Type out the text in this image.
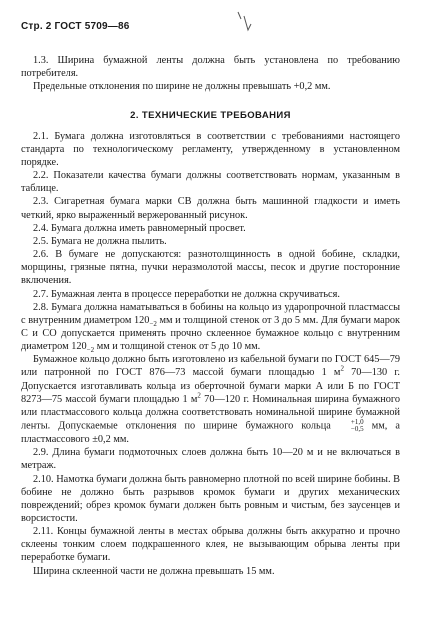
Стр. 2 ГОСТ 5709—86

1.3. Ширина бумажной ленты должна быть установлена по требованию потребителя.

Предельные отклонения по ширине не должны превышать +0,2 мм.

2. ТЕХНИЧЕСКИЕ ТРЕБОВАНИЯ

2.1. Бумага должна изготовляться в соответствии с требованиями настоящего стандарта по технологическому регламенту, утвержденному в установленном порядке.

2.2. Показатели качества бумаги должны соответствовать нормам, указанным в таблице.

2.3. Сигаретная бумага марки СВ должна быть машинной гладкости и иметь четкий, ярко выраженный вержерованный рисунок.

2.4. Бумага должна иметь равномерный просвет.

2.5. Бумага не должна пылить.

2.6. В бумаге не допускаются: разнотолщинность в одной бобине, складки, морщины, грязные пятна, пучки неразмолотой массы, песок и другие посторонние включения.

2.7. Бумажная лента в процессе переработки не должна скручиваться.

2.8. Бумага должна наматываться в бобины на кольцо из ударопрочной пластмассы с внутренним диаметром $120_{-2}$ мм и толщиной стенок от 3 до 5 мм. Для бумаги марок С и СО допускается применять прочно склеенное бумажное кольцо с внутренним диаметром $120_{-2}$ мм и толщиной стенок от 5 до 10 мм.

Бумажное кольцо должно быть изготовлено из кабельной бумаги по ГОСТ 645—79 или патронной по ГОСТ 876—73 массой бумаги площадью 1 $м^2$ 70—130 г. Допускается изготавливать кольца из оберточной бумаги марки А или Б по ГОСТ 8273—75 массой бумаги площадью 1 $м^2$ 70—120 г. Номинальная ширина бумажного или пластмассового кольца должна соответствовать номинальной ширине бумажной ленты. Допускаемые отклонения по ширине бумажного кольца	+1,0
−0,5 мм, а пластмассового ±0,2 мм.

2.9. Длина бумаги подмоточных слоев должна быть 10—20 м и не включаться в метраж.

2.10. Намотка бумаги должна быть равномерно плотной по всей ширине бобины. В бобине не должно быть разрывов кромок бумаги и других механических повреждений; обрез кромок бумаги должен быть ровным и чистым, без заусенцев и ворсистости.

2.11. Концы бумажной ленты в местах обрыва должны быть аккуратно и прочно склеены тонким слоем подкрашенного клея, не вызывающим обрыва ленты при переработке бумаги.

Ширина склеенной части не должна превышать 15 мм.
